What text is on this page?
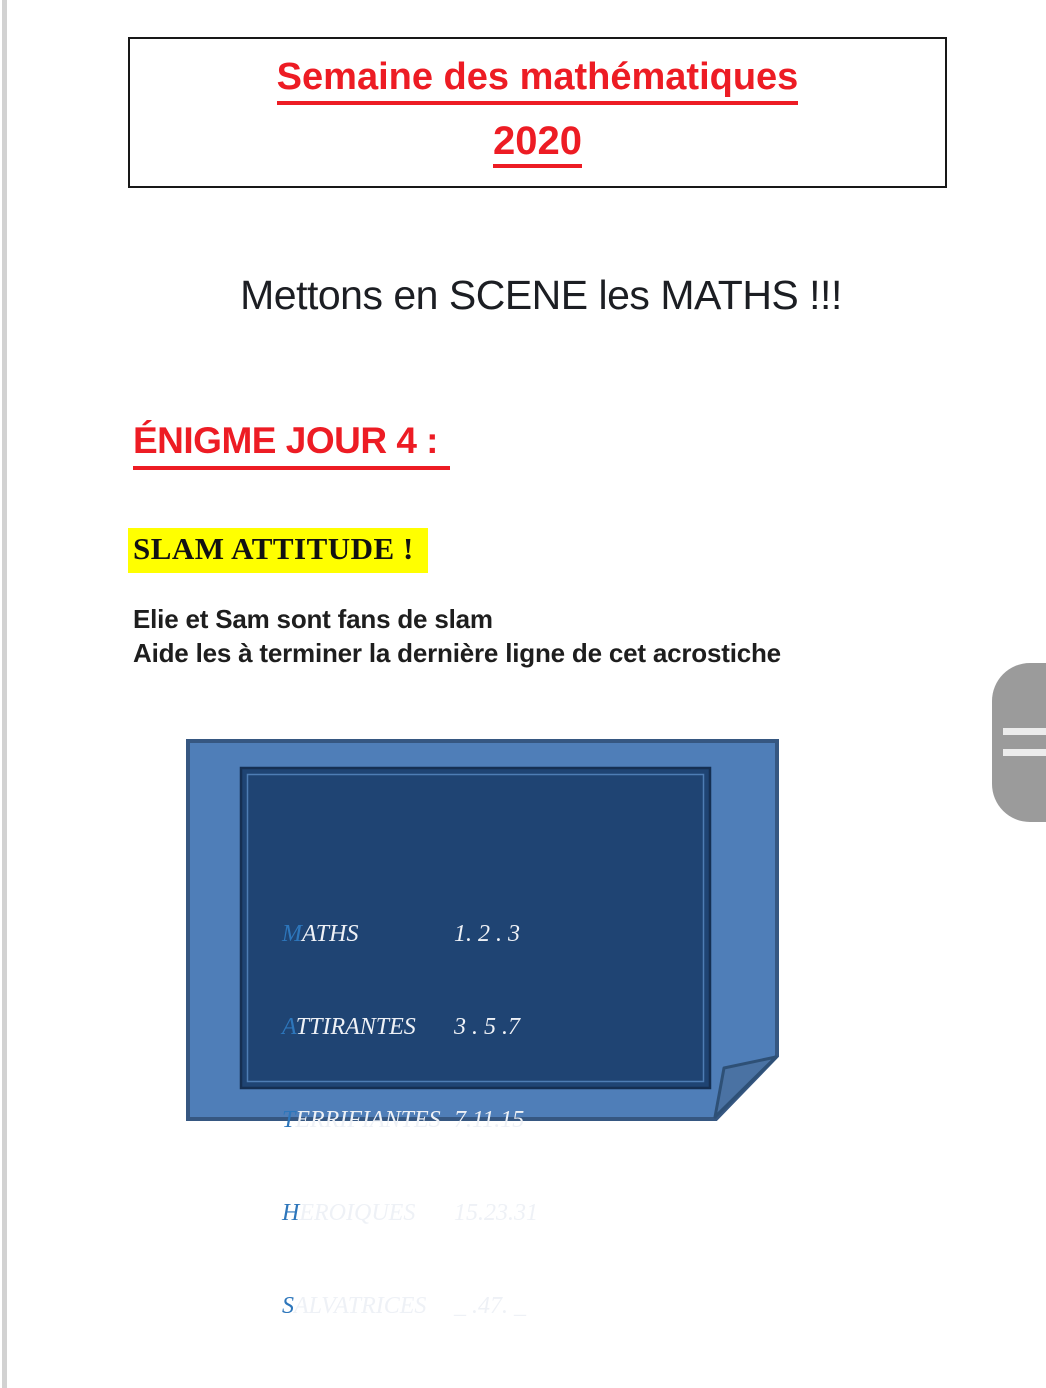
Semaine des mathématiques
2020
Mettons en SCENE les MATHS !!!
ÉNIGME JOUR 4 :
SLAM ATTITUDE !
Elie et Sam sont fans de slam
Aide les à terminer la dernière ligne de cet acrostiche

MATHS	1. 2 . 3

ATTIRANTES	3 . 5 .7

TERRIFIANTES 7.11.15

HEROIQUES	15.23.31

SALVATRICES	_ .47. _
